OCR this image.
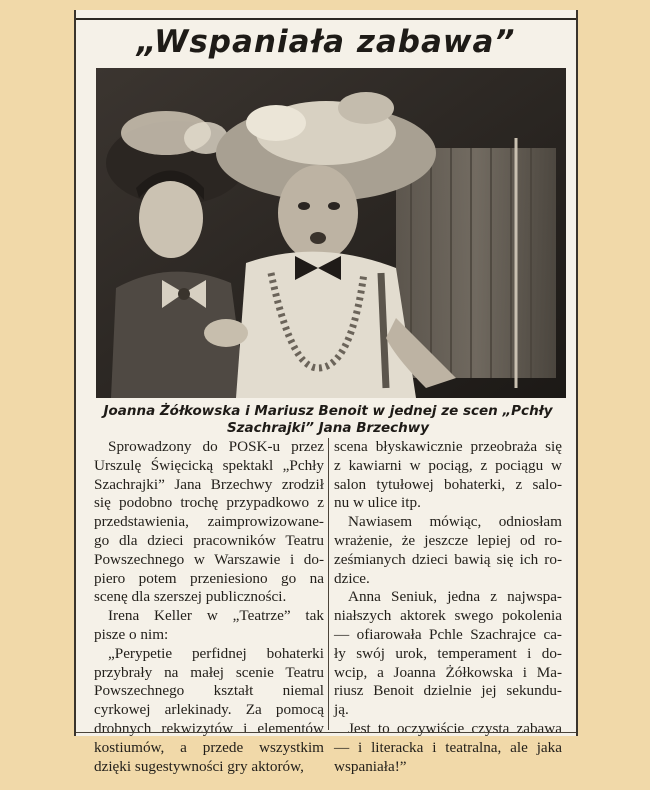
„Wspaniała zabawa”
Joanna Żółkowska i Mariusz Benoit w jednej ze scen „Pchły
Szachrajki” Jana Brzechwy
Sprowadzony do POSK-u przez
Urszulę Święcicką spektakl „Pchły
Szachrajki” Jana Brzechwy zrodził
się podobno trochę przypadkowo z
przedstawienia, zaimprowizowane-
go dla dzieci pracowników Teatru
Powszechnego w Warszawie i do-
piero potem przeniesiono go na
scenę dla szerszej publiczności.
Irena Keller w „Teatrze” tak
pisze o nim:
„Perypetie perfidnej bohaterki
przybrały na małej scenie Teatru
Powszechnego kształt niemal
cyrkowej arlekinady. Za pomocą
drobnych rekwizytów i elementów
kostiumów, a przede wszystkim
dzięki sugestywności gry aktorów,
scena błyskawicznie przeobraża się
z kawiarni w pociąg, z pociągu w
salon tytułowej bohaterki, z salo-
nu w ulice itp.
Nawiasem mówiąc, odniosłam
wrażenie, że jeszcze lepiej od ro-
ześmianych dzieci bawią się ich ro-
dzice.
Anna Seniuk, jedna z najwspa-
niałszych aktorek swego pokolenia
— ofiarowała Pchle Szachrajce ca-
ły swój urok, temperament i do-
wcip, a Joanna Żółkowska i Ma-
riusz Benoit dzielnie jej sekundu-
ją.
Jest to oczywiście czysta zabawa
— i literacka i teatralna, ale jaka
wspaniała!”
